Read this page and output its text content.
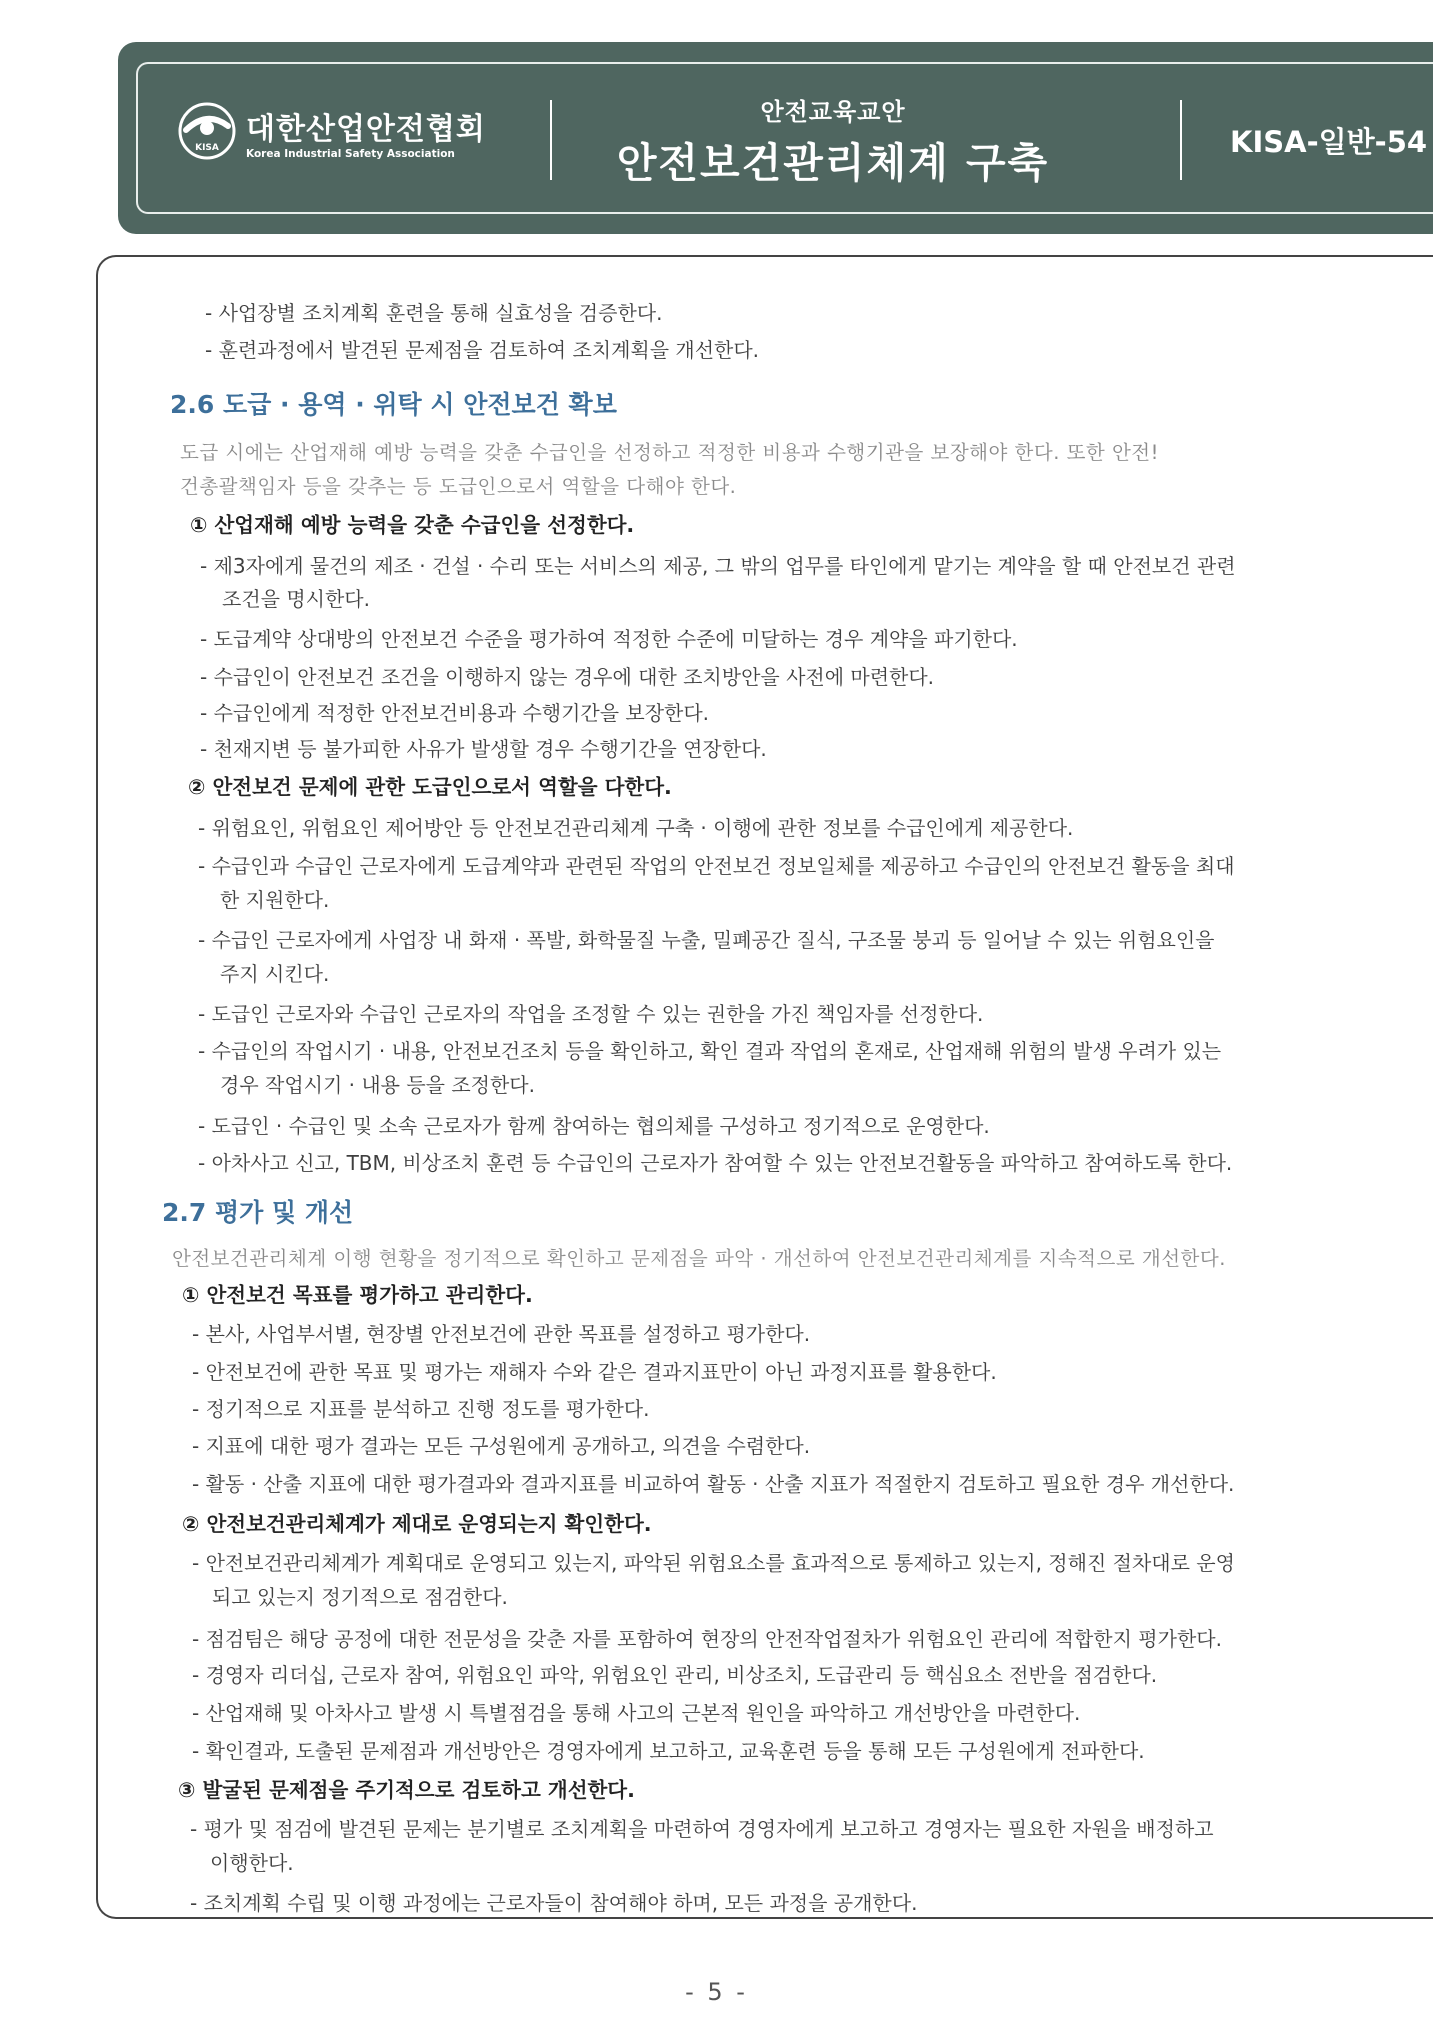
KISA
대한산업안전협회
Korea Industrial Safety Association
안전교육교안
안전보건관리체계 구축	KISA-일반-54
- 사업장별 조치계획 훈련을 통해 실효성을 검증한다.
- 훈련과정에서 발견된 문제점을 검토하여 조치계획을 개선한다.
2.6 도급 · 용역 · 위탁 시 안전보건 확보
도급 시에는 산업재해 예방 능력을 갖춘 수급인을 선정하고 적정한 비용과 수행기관을 보장해야 한다. 또한 안전!
건총괄책임자 등을 갖추는 등 도급인으로서 역할을 다해야 한다.
① 산업재해 예방 능력을 갖춘 수급인을 선정한다.
- 제3자에게 물건의 제조 · 건설 · 수리 또는 서비스의 제공, 그 밖의 업무를 타인에게 맡기는 계약을 할 때 안전보건 관련
조건을 명시한다.
- 도급계약 상대방의 안전보건 수준을 평가하여 적정한 수준에 미달하는 경우 계약을 파기한다.
- 수급인이 안전보건 조건을 이행하지 않는 경우에 대한 조치방안을 사전에 마련한다.
- 수급인에게 적정한 안전보건비용과 수행기간을 보장한다.
- 천재지변 등 불가피한 사유가 발생할 경우 수행기간을 연장한다.
② 안전보건 문제에 관한 도급인으로서 역할을 다한다.
- 위험요인, 위험요인 제어방안 등 안전보건관리체계 구축 · 이행에 관한 정보를 수급인에게 제공한다.
- 수급인과 수급인 근로자에게 도급계약과 관련된 작업의 안전보건 정보일체를 제공하고 수급인의 안전보건 활동을 최대
한 지원한다.
- 수급인 근로자에게 사업장 내 화재 · 폭발, 화학물질 누출, 밀폐공간 질식, 구조물 붕괴 등 일어날 수 있는 위험요인을
주지 시킨다.
- 도급인 근로자와 수급인 근로자의 작업을 조정할 수 있는 권한을 가진 책임자를 선정한다.
- 수급인의 작업시기 · 내용, 안전보건조치 등을 확인하고, 확인 결과 작업의 혼재로, 산업재해 위험의 발생 우려가 있는
경우 작업시기 · 내용 등을 조정한다.
- 도급인 · 수급인 및 소속 근로자가 함께 참여하는 협의체를 구성하고 정기적으로 운영한다.
- 아차사고 신고, TBM, 비상조치 훈련 등 수급인의 근로자가 참여할 수 있는 안전보건활동을 파악하고 참여하도록 한다.
2.7 평가 및 개선
안전보건관리체계 이행 현황을 정기적으로 확인하고 문제점을 파악 · 개선하여 안전보건관리체계를 지속적으로 개선한다.
① 안전보건 목표를 평가하고 관리한다.
- 본사, 사업부서별, 현장별 안전보건에 관한 목표를 설정하고 평가한다.
- 안전보건에 관한 목표 및 평가는 재해자 수와 같은 결과지표만이 아닌 과정지표를 활용한다.
- 정기적으로 지표를 분석하고 진행 정도를 평가한다.
- 지표에 대한 평가 결과는 모든 구성원에게 공개하고, 의견을 수렴한다.
- 활동 · 산출 지표에 대한 평가결과와 결과지표를 비교하여 활동 · 산출 지표가 적절한지 검토하고 필요한 경우 개선한다.
② 안전보건관리체계가 제대로 운영되는지 확인한다.
- 안전보건관리체계가 계획대로 운영되고 있는지, 파악된 위험요소를 효과적으로 통제하고 있는지, 정해진 절차대로 운영
되고 있는지 정기적으로 점검한다.
- 점검팀은 해당 공정에 대한 전문성을 갖춘 자를 포함하여 현장의 안전작업절차가 위험요인 관리에 적합한지 평가한다.
- 경영자 리더십, 근로자 참여, 위험요인 파악, 위험요인 관리, 비상조치, 도급관리 등 핵심요소 전반을 점검한다.
- 산업재해 및 아차사고 발생 시 특별점검을 통해 사고의 근본적 원인을 파악하고 개선방안을 마련한다.
- 확인결과, 도출된 문제점과 개선방안은 경영자에게 보고하고, 교육훈련 등을 통해 모든 구성원에게 전파한다.
③ 발굴된 문제점을 주기적으로 검토하고 개선한다.
- 평가 및 점검에 발견된 문제는 분기별로 조치계획을 마련하여 경영자에게 보고하고 경영자는 필요한 자원을 배정하고
이행한다.
- 조치계획 수립 및 이행 과정에는 근로자들이 참여해야 하며, 모든 과정을 공개한다.
- 5 -
